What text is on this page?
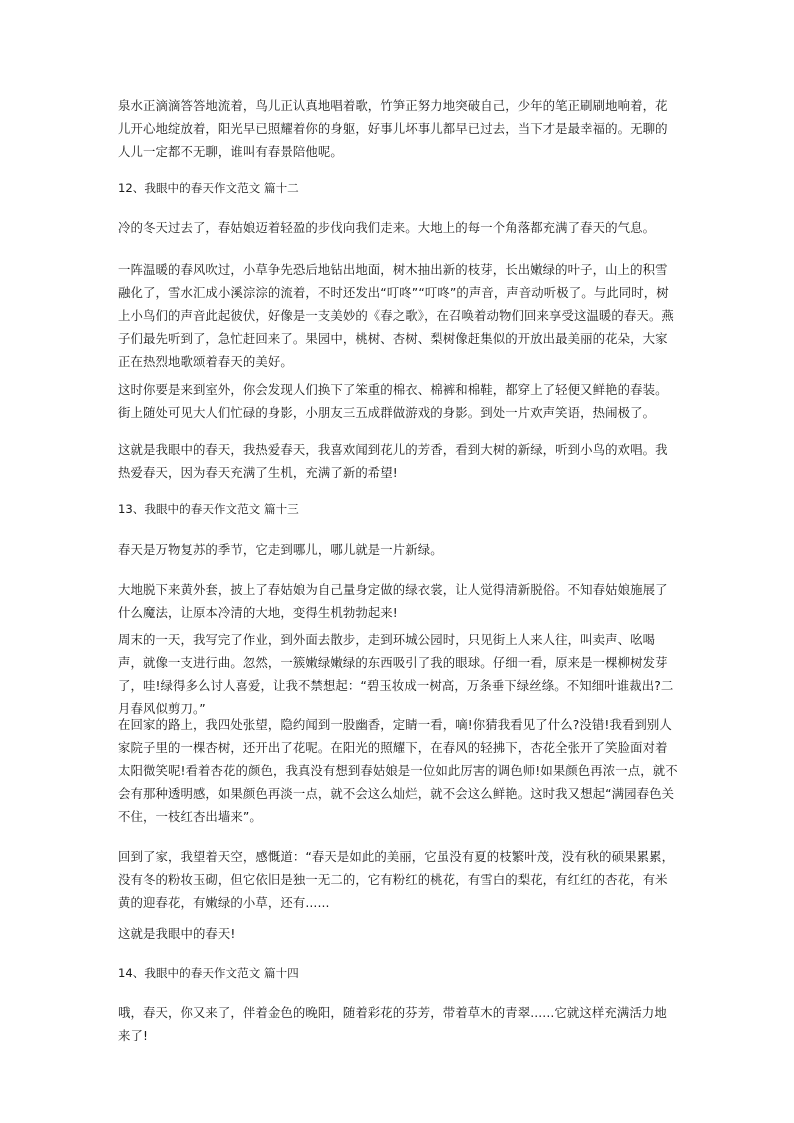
泉水正滴滴答答地流着，鸟儿正认真地唱着歌，竹笋正努力地突破自己，少年的笔正刷刷地响着，花儿开心地绽放着，阳光早已照耀着你的身躯，好事儿坏事儿都早已过去，当下才是最幸福的。无聊的人儿一定都不无聊，谁叫有春景陪他呢。

12、我眼中的春天作文范文 篇十二

冷的冬天过去了，春姑娘迈着轻盈的步伐向我们走来。大地上的每一个角落都充满了春天的气息。

一阵温暖的春风吹过，小草争先恐后地钻出地面，树木抽出新的枝芽，长出嫩绿的叶子，山上的积雪融化了，雪水汇成小溪淙淙的流着，不时还发出“叮咚”“叮咚”的声音，声音动听极了。与此同时，树上小鸟们的声音此起彼伏，好像是一支美妙的《春之歌》，在召唤着动物们回来享受这温暖的春天。燕子们最先听到了，急忙赶回来了。果园中，桃树、杏树、梨树像赶集似的开放出最美丽的花朵，大家正在热烈地歌颂着春天的美好。

这时你要是来到室外，你会发现人们换下了笨重的棉衣、棉裤和棉鞋，都穿上了轻便又鲜艳的春装。街上随处可见大人们忙碌的身影，小朋友三五成群做游戏的身影。到处一片欢声笑语，热闹极了。

这就是我眼中的春天，我热爱春天，我喜欢闻到花儿的芳香，看到大树的新绿，听到小鸟的欢唱。我热爱春天，因为春天充满了生机，充满了新的希望!

13、我眼中的春天作文范文 篇十三

春天是万物复苏的季节，它走到哪儿，哪儿就是一片新绿。

大地脱下来黄外套，披上了春姑娘为自己量身定做的绿衣裳，让人觉得清新脱俗。不知春姑娘施展了什么魔法，让原本冷清的大地，变得生机勃勃起来!

周末的一天，我写完了作业，到外面去散步，走到环城公园时，只见街上人来人往，叫卖声、吆喝声，就像一支进行曲。忽然，一簇嫩绿嫩绿的东西吸引了我的眼球。仔细一看，原来是一棵柳树发芽了，哇!绿得多么讨人喜爱，让我不禁想起：“碧玉妆成一树高，万条垂下绿丝绦。不知细叶谁裁出?二月春风似剪刀。”

在回家的路上，我四处张望，隐约闻到一股幽香，定睛一看，嘀!你猜我看见了什么?没错!我看到别人家院子里的一棵杏树，还开出了花呢。在阳光的照耀下，在春风的轻拂下，杏花全张开了笑脸面对着太阳微笑呢!看着杏花的颜色，我真没有想到春姑娘是一位如此厉害的调色师!如果颜色再浓一点，就不会有那种透明感，如果颜色再淡一点，就不会这么灿烂，就不会这么鲜艳。这时我又想起“满园春色关不住，一枝红杏出墙来”。

回到了家，我望着天空，感慨道：“春天是如此的美丽，它虽没有夏的枝繁叶茂，没有秋的硕果累累，没有冬的粉妆玉砌，但它依旧是独一无二的，它有粉红的桃花，有雪白的梨花，有红红的杏花，有米黄的迎春花，有嫩绿的小草，还有......

这就是我眼中的春天!

14、我眼中的春天作文范文 篇十四

哦，春天，你又来了，伴着金色的晚阳，随着彩花的芬芳，带着草木的青翠......它就这样充满活力地来了!
